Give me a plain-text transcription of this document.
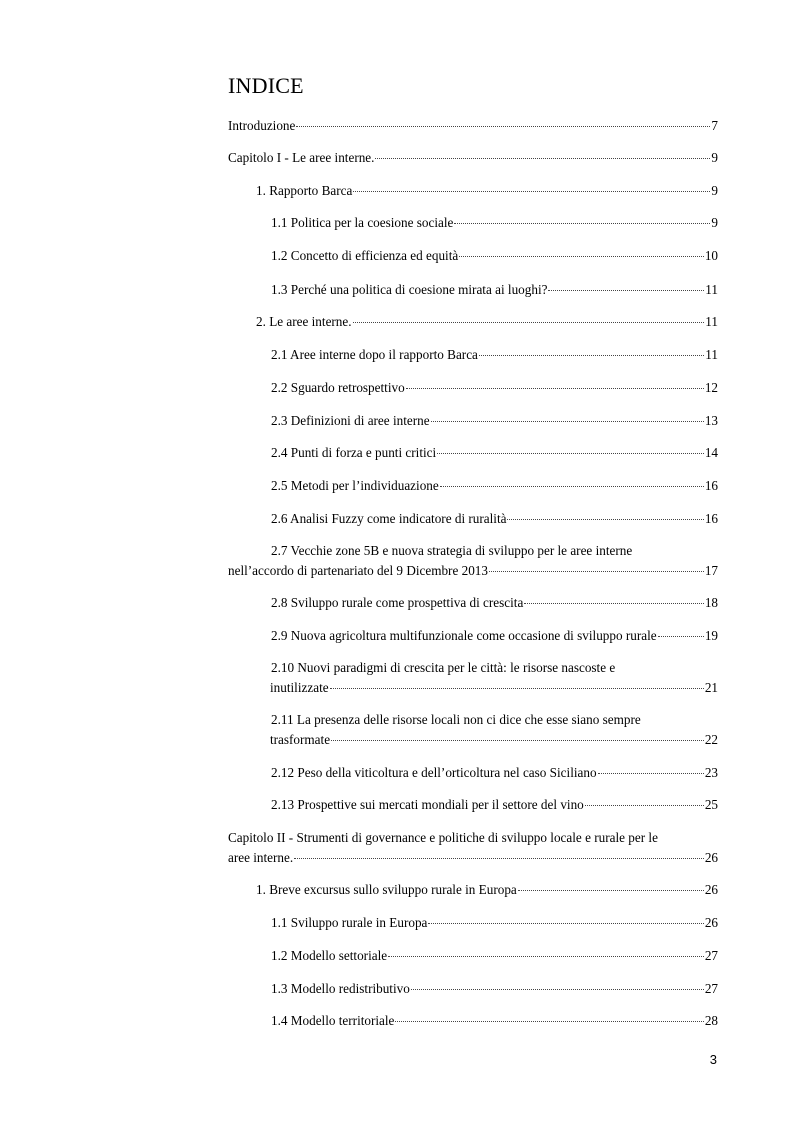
INDICE
Introduzione	7
Capitolo I - Le aree interne.	9
1. Rapporto Barca	9
1.1 Politica per la coesione sociale	9
1.2 Concetto di efficienza ed equità	10
1.3 Perché una politica di coesione mirata ai luoghi?	11
2. Le aree interne.	11
2.1 Aree interne dopo il rapporto Barca	11
2.2 Sguardo retrospettivo	12
2.3 Definizioni di aree interne	13
2.4 Punti di forza e punti critici	14
2.5 Metodi per l’individuazione	16
2.6 Analisi Fuzzy come indicatore di ruralità	16
2.7 Vecchie zone 5B e nuova strategia di sviluppo per le aree interne
nell’accordo di partenariato del 9 Dicembre 2013	17
2.8 Sviluppo rurale come prospettiva di crescita	18
2.9 Nuova agricoltura multifunzionale come occasione di sviluppo rurale	19
2.10 Nuovi paradigmi di crescita per le città: le risorse nascoste e
inutilizzate	21
2.11 La presenza delle risorse locali non ci dice che esse siano sempre
trasformate	22
2.12 Peso della viticoltura e dell’orticoltura nel caso Siciliano	23
2.13 Prospettive sui mercati mondiali per il settore del vino	25
Capitolo II - Strumenti di governance e politiche di sviluppo locale e rurale per le
aree interne.	26
1. Breve excursus sullo sviluppo rurale in Europa	26
1.1 Sviluppo rurale in Europa	26
1.2 Modello settoriale	27
1.3 Modello redistributivo	27
1.4 Modello territoriale	28
3
